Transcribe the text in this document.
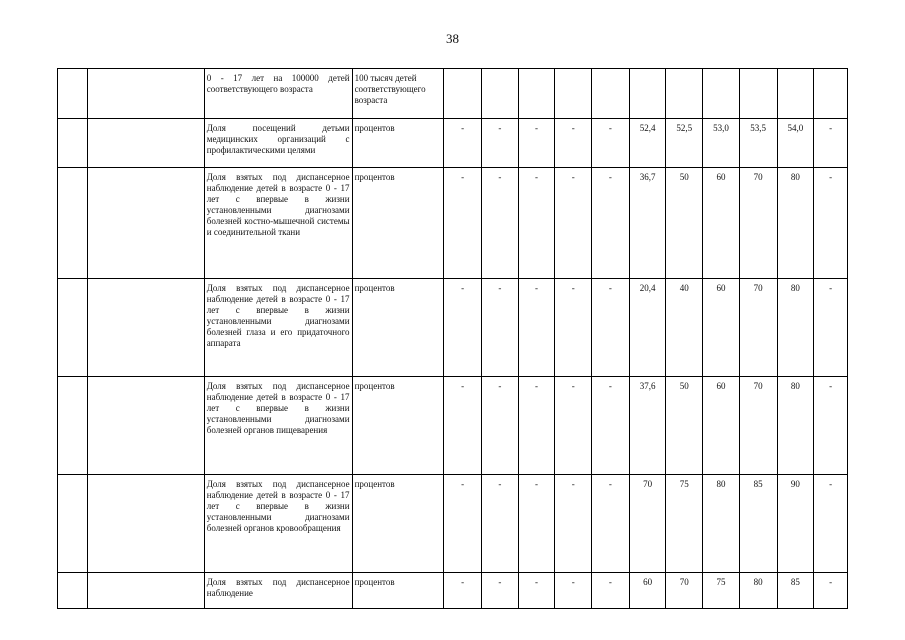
38
		0 - 17 лет на 100000 детей соответствующего возраста	100 тысяч детей соответствующего возраста											
		Доля посещений детьми медицинских организаций с профилактическими целями	процентов	-	-	-	-	-	52,4	52,5	53,0	53,5	54,0	-
		Доля взятых под диспансерное наблюдение детей в возрасте 0 - 17 лет с впервые в жизни установленными диагнозами болезней костно-мышечной системы и соединительной ткани	процентов	-	-	-	-	-	36,7	50	60	70	80	-
		Доля взятых под диспансерное наблюдение детей в возрасте 0 - 17 лет с впервые в жизни установленными диагнозами болезней глаза и его придаточного аппарата	процентов	-	-	-	-	-	20,4	40	60	70	80	-
		Доля взятых под диспансерное наблюдение детей в возрасте 0 - 17 лет с впервые в жизни установленными диагнозами болезней органов пищеварения	процентов	-	-	-	-	-	37,6	50	60	70	80	-
		Доля взятых под диспансерное наблюдение детей в возрасте 0 - 17 лет с впервые в жизни установленными диагнозами болезней органов кровообращения	процентов	-	-	-	-	-	70	75	80	85	90	-
		Доля взятых под диспансерное наблюдение	процентов	-	-	-	-	-	60	70	75	80	85	-
